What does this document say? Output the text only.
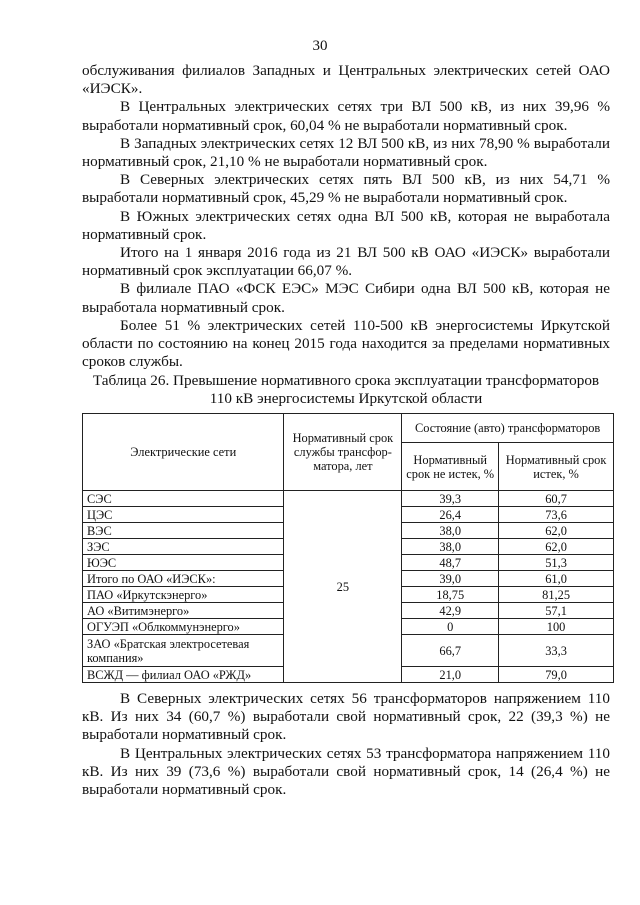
30

обслуживания филиалов Западных и Центральных электрических сетей ОАО «ИЭСК».

В Центральных электрических сетях три ВЛ 500 кВ, из них 39,96 % выработали нормативный срок, 60,04 % не выработали нормативный срок.

В Западных электрических сетях 12 ВЛ 500 кВ, из них 78,90 % выработали нормативный срок, 21,10 % не выработали нормативный срок.

В Северных электрических сетях пять ВЛ 500 кВ, из них 54,71 % выработали нормативный срок, 45,29 % не выработали нормативный срок.

В Южных электрических сетях одна ВЛ 500 кВ, которая не выработала нормативный срок.

Итого на 1 января 2016 года из 21 ВЛ 500 кВ ОАО «ИЭСК» выработали нормативный срок эксплуатации 66,07 %.

В филиале ПАО «ФСК ЕЭС» МЭС Сибири одна ВЛ 500 кВ, которая не выработала нормативный срок.

Более 51 % электрических сетей 110-500 кВ энергосистемы Иркутской области по состоянию на конец 2015 года находится за пределами нормативных сроков службы.

Таблица 26. Превышение нормативного срока эксплуатации трансформаторов 110 кВ энергосистемы Иркутской области
Электрические сети	Нормативный срок службы трансфор-матора, лет	Состояние (авто) трансформаторов	
		Нормативный срок не истек, %	Нормативный срок истек, %
СЭС	25	39,3	60,7
ЦЭС		26,4	73,6
ВЭС		38,0	62,0
ЗЭС		38,0	62,0
ЮЭС		48,7	51,3
Итого по ОАО «ИЭСК»:		39,0	61,0
ПАО «Иркутскэнерго»		18,75	81,25
АО «Витимэнерго»		42,9	57,1
ОГУЭП «Облкоммунэнерго»		0	100
ЗАО «Братская электросетевая компания»		66,7	33,3
ВСЖД — филиал ОАО «РЖД»		21,0	79,0

В Северных электрических сетях 56 трансформаторов напряжением 110 кВ. Из них 34 (60,7 %) выработали свой нормативный срок, 22 (39,3 %) не выработали нормативный срок.

В Центральных электрических сетях 53 трансформатора напряжением 110 кВ. Из них 39 (73,6 %) выработали свой нормативный срок, 14 (26,4 %) не выработали нормативный срок.
